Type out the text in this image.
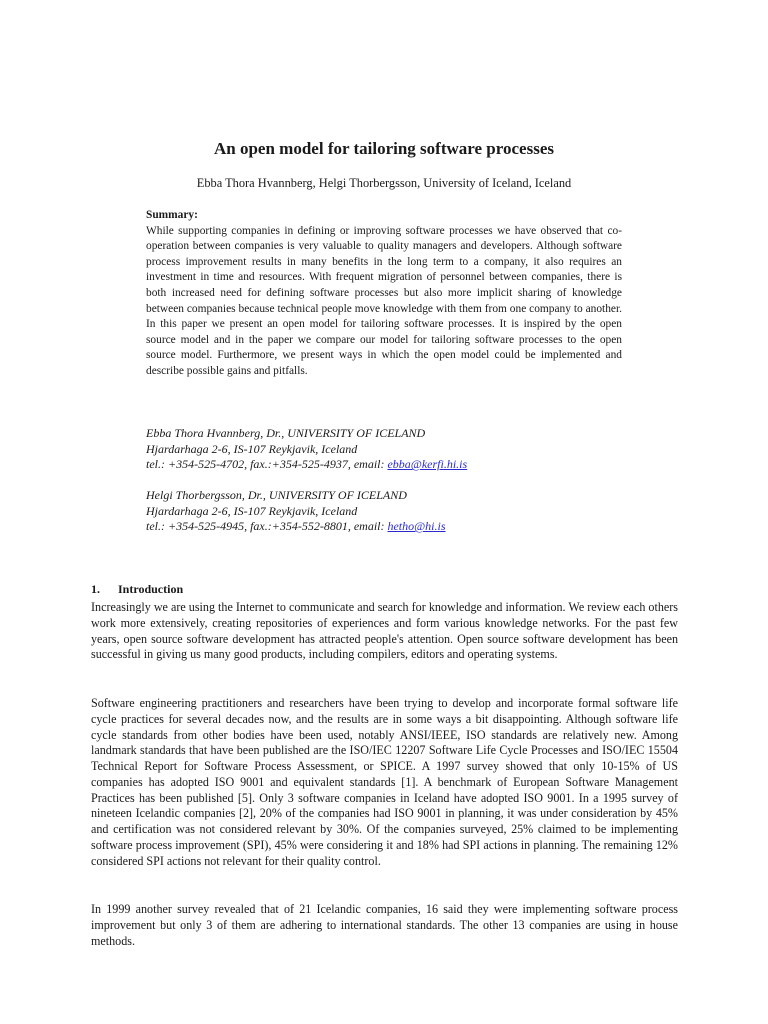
An open model for tailoring software processes
Ebba Thora Hvannberg, Helgi Thorbergsson, University of Iceland, Iceland
Summary:

While supporting companies in defining or improving software processes we have observed that co-operation between companies is very valuable to quality managers and developers. Although software process improvement results in many benefits in the long term to a company, it also requires an investment in time and resources. With frequent migration of personnel between companies, there is both increased need for defining software processes but also more implicit sharing of knowledge between companies because technical people move knowledge with them from one company to another. In this paper we present an open model for tailoring software processes. It is inspired by the open source model and in the paper we compare our model for tailoring software processes to the open source model. Furthermore, we present ways in which the open model could be implemented and describe possible gains and pitfalls.

Ebba Thora Hvannberg, Dr., UNIVERSITY OF ICELAND
Hjardarhaga 2-6, IS-107 Reykjavik, Iceland
tel.: +354-525-4702, fax.:+354-525-4937, email: ebba@kerfi.hi.is
Helgi Thorbergsson, Dr., UNIVERSITY OF ICELAND
Hjardarhaga 2-6, IS-107 Reykjavik, Iceland
tel.: +354-525-4945, fax.:+354-552-8801, email: hetho@hi.is
1. Introduction

Increasingly we are using the Internet to communicate and search for knowledge and information. We review each others work more extensively, creating repositories of experiences and form various knowledge networks. For the past few years, open source software development has attracted people's attention. Open source software development has been successful in giving us many good products, including compilers, editors and operating systems.

Software engineering practitioners and researchers have been trying to develop and incorporate formal software life cycle practices for several decades now, and the results are in some ways a bit disappointing. Although software life cycle standards from other bodies have been used, notably ANSI/IEEE, ISO standards are relatively new. Among landmark standards that have been published are the ISO/IEC 12207 Software Life Cycle Processes and ISO/IEC 15504 Technical Report for Software Process Assessment, or SPICE. A 1997 survey showed that only 10-15% of US companies has adopted ISO 9001 and equivalent standards [1]. A benchmark of European Software Management Practices has been published [5]. Only 3 software companies in Iceland have adopted ISO 9001. In a 1995 survey of nineteen Icelandic companies [2], 20% of the companies had ISO 9001 in planning, it was under consideration by 45% and certification was not considered relevant by 30%. Of the companies surveyed, 25% claimed to be implementing software process improvement (SPI), 45% were considering it and 18% had SPI actions in planning. The remaining 12% considered SPI actions not relevant for their quality control.

In 1999 another survey revealed that of 21 Icelandic companies, 16 said they were implementing software process improvement but only 3 of them are adhering to international standards. The other 13 companies are using in house methods.
